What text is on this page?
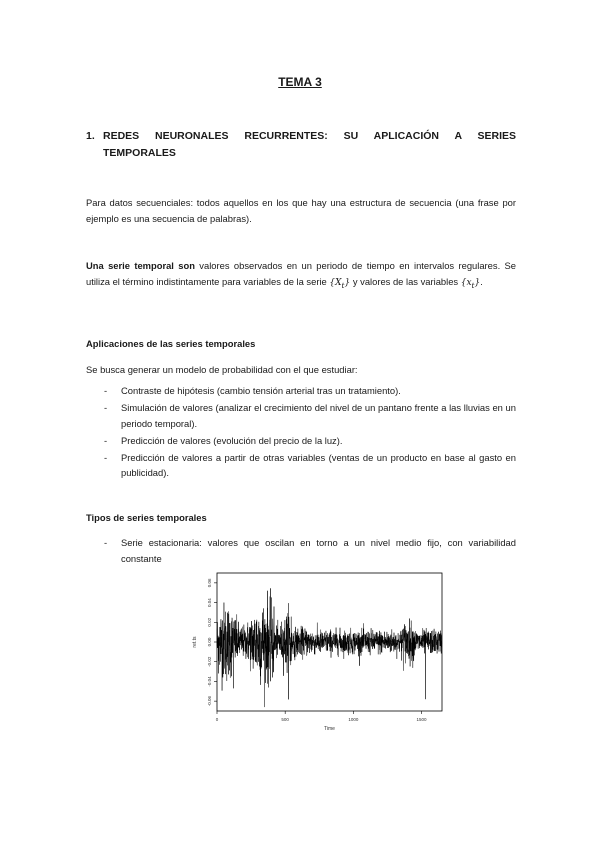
TEMA 3
1. REDES NEURONALES RECURRENTES: SU APLICACIÓN A SERIES
TEMPORALES
Para datos secuenciales: todos aquellos en los que hay una estructura de secuencia (una frase por ejemplo es una secuencia de palabras).
Una serie temporal son valores observados en un periodo de tiempo en intervalos regulares. Se utiliza el término indistintamente para variables de la serie $\{X_t\}$ y valores de las variables $\{x_t\}$.
Aplicaciones de las series temporales
Se busca generar un modelo de probabilidad con el que estudiar:
- Contraste de hipótesis (cambio tensión arterial tras un tratamiento).
- Simulación de valores (analizar el crecimiento del nivel de un pantano frente a las lluvias en un periodo temporal).
- Predicción de valores (evolución del precio de la luz).
- Predicción de valores a partir de otras variables (ventas de un producto en base al gasto en publicidad).
Tipos de series temporales
- Serie estacionaria: valores que oscilan en torno a un nivel medio fijo, con variabilidad constante
0	500	1000	1500
-0.06
-0.04
-0.02
0.00
0.02
0.04
0.06
Time
ret.ts
